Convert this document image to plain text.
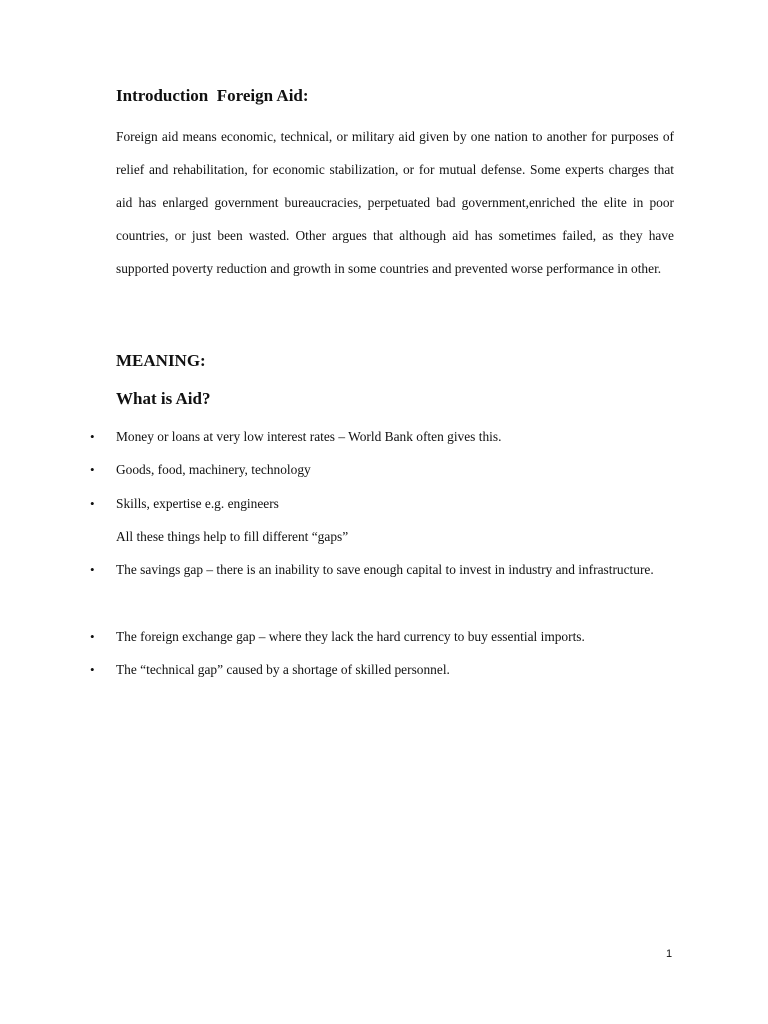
Introduction  Foreign Aid:

Foreign aid means economic, technical, or military aid given by one nation to another for purposes of relief and rehabilitation, for economic stabilization, or for mutual defense. Some experts charges that aid has enlarged government bureaucracies, perpetuated bad government,enriched the elite in poor countries, or just been wasted. Other argues that although aid has sometimes failed, as they have supported poverty reduction and growth in some countries and prevented worse performance in other.

MEANING:
What is Aid?
•	Money or loans at very low interest rates – World Bank often gives this.

•	Goods, food, machinery, technology

•	Skills, expertise e.g. engineers

All these things help to fill different “gaps”

•	The savings gap – there is an inability to save enough capital to invest in industry and infrastructure.

•	The foreign exchange gap – where they lack the hard currency to buy essential imports.

•	The “technical gap” caused by a shortage of skilled personnel.

1
